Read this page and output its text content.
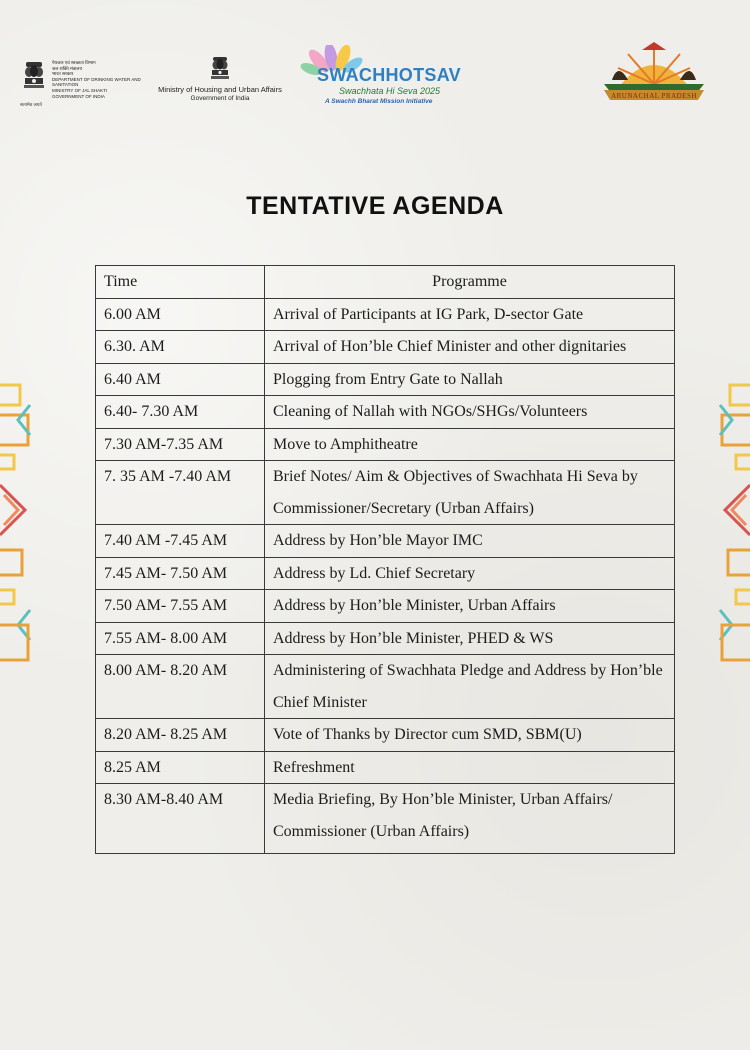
पेयजल एवं स्वच्छता विभाग
जल शक्ति मंत्रालय
भारत सरकार
DEPARTMENT OF DRINKING WATER AND SANITATION
MINISTRY OF JAL SHAKTI
GOVERNMENT OF INDIA
सत्यमेव जयते
Ministry of Housing and Urban Affairs
Government of India
SWACHHOTSAV
Swachhata Hi Seva 2025
A Swachh Bharat Mission Initiative
ARUNACHAL PRADESH
TENTATIVE AGENDA
Time	Programme
6.00 AM	Arrival of Participants at IG Park, D-sector Gate
6.30. AM	Arrival of Hon’ble Chief Minister and other dignitaries
6.40 AM	Plogging from Entry Gate to Nallah
6.40- 7.30 AM	Cleaning of Nallah with NGOs/SHGs/Volunteers
7.30 AM-7.35 AM	Move to Amphitheatre
7. 35 AM -7.40 AM	Brief Notes/ Aim & Objectives of Swachhata Hi Seva by Commissioner/Secretary (Urban Affairs)
7.40 AM -7.45 AM	Address by Hon’ble Mayor IMC
7.45 AM- 7.50 AM	Address by Ld. Chief Secretary
7.50 AM- 7.55 AM	Address by Hon’ble Minister, Urban Affairs
7.55 AM- 8.00 AM	Address by Hon’ble Minister, PHED & WS
8.00 AM- 8.20 AM	Administering of Swachhata Pledge and Address by Hon’ble Chief Minister
8.20 AM- 8.25 AM	Vote of Thanks by Director cum SMD, SBM(U)
8.25 AM	Refreshment
8.30 AM-8.40 AM	Media Briefing, By Hon’ble Minister, Urban Affairs/ Commissioner (Urban Affairs)
